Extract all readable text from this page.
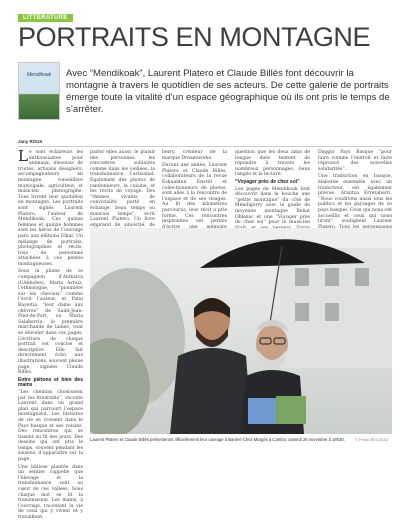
LITTÉRATURE
PORTRAITS EN MONTAGNE
Mendikoak Avec “Mendikoak”, Laurent Platero et Claude Billès font découvrir la montagne à travers le quotidien de ses acteurs. De cette galerie de portraits émerge toute la vitalité d’un espace géographique où ils ont pris le temps de s’arrêter.

Jany ROUX

Le sont éclaireurs les enthousiastes pour animaux, éleveuse de truites, artisans designers, accompagnateurs en montagne, conseillère municipale, agriculteur, et musicien photographe. Tous livrent leur quotidien en montagne. Les portraits sont signés Laurent Platero, l’auteur de Mendikoak. Ces quinze femmes et quinze hommes sont les héros de l’ouvrage paru aux éditions Elkar. Un mélange de portraits, photographies et récits, tous de personnes attachées à ces pentes montagneuses.

Sous la plume de ce compagnon d’Atzkarra (L’Aldudes), Maria Arraiz, l’ethnologue, “pionnière sur les chevaux” comme l’écrit l’auteur, et Patxi Bayeitia, “leur dame aux chèvres” de Saint-Jean-Pied-de-Port, ou Maria Salaberria, la première marchande de laines, vont se dévoiler dans ces pages. L’écriture de chaque portrait est concise et descriptive. Elle fait directement écho aux illustrations, souvent pleine page, signées Claude Billès.

Entre piétons et bien des mains

“Les chemins choisissent par les itinérants”, raconte Laurent dans un grand plan qui parcourt l’espace montagnard. Les histoires de vie se croisent dans le Pays basque et ses voisins. Des rencontres qui se tissent au fil des jours. Des dessins qui ont pris le temps, souvent pendant les saisons, d’apparaître sur la page.

Une bâtisse plantée dans un sentier rappelle que l’élevage et la transhumance sont au cœur de ces vallées. Sous chaque mot se lit la transmission. Les mains, à l’ouvrage, racontent la vie de ceux qui y vivent et y travaillent.

parler elles aussi: le plaisir des personnes, les rencontres solitaires comme dans les veillées, la transhumance, l’artisanat. Également des photos de randonneurs, la cuisine, et les récits de voyage. Des “thèmes vivants de convivialité porté en échange, beau temps ou mauvais temps”, écrit Laurent Platero. Un livre empreint de sincérité, de

berry, créateur de la marque Dreamworks.

Durant une année, Laurent Platero et Claude Billès, collaborateurs de la revue Eskualdun Enstiti et collectionneurs de photos, sont allés à la rencontre de l’espace et de ses visages. Au fil des kilomètres parcourus, leur récit a pris forme. Ces rencontres inspirantes ont permis

question que les deux amis de longue date tentent de répondre à travers les nombreux personnages, lieux rangés et la lecture.

“Voyager près de chez soi”

Les pages de Mendikoak font découvrir dans la bouche une “petite montagne” du côté de Mendigorry avec le guide de moyenne montagne Beñat Ohlezac et une “Voyager près de chez soi” pour le musicien

Daggio Pays Basque “pour faire comme l’endroit et faire réprouvé des nouvelles solidarités”.

Une traduction en basque, élaborée ensemble avec un traducteur, est également prévue. Arantxa Erretaberri. “Nous voudrions aussi tous les publics et les paysages de ce pays basque. Ceux qui nous ont accueillis et ceux qui nous liront”, soulignent Laurent

Laurent Platero et Claude Billès présenteront officiellement leur ouvrage à Banère Chez Margés à Cambo, samedi 26 novembre à 18h30.	© Photo BELZEAZ
